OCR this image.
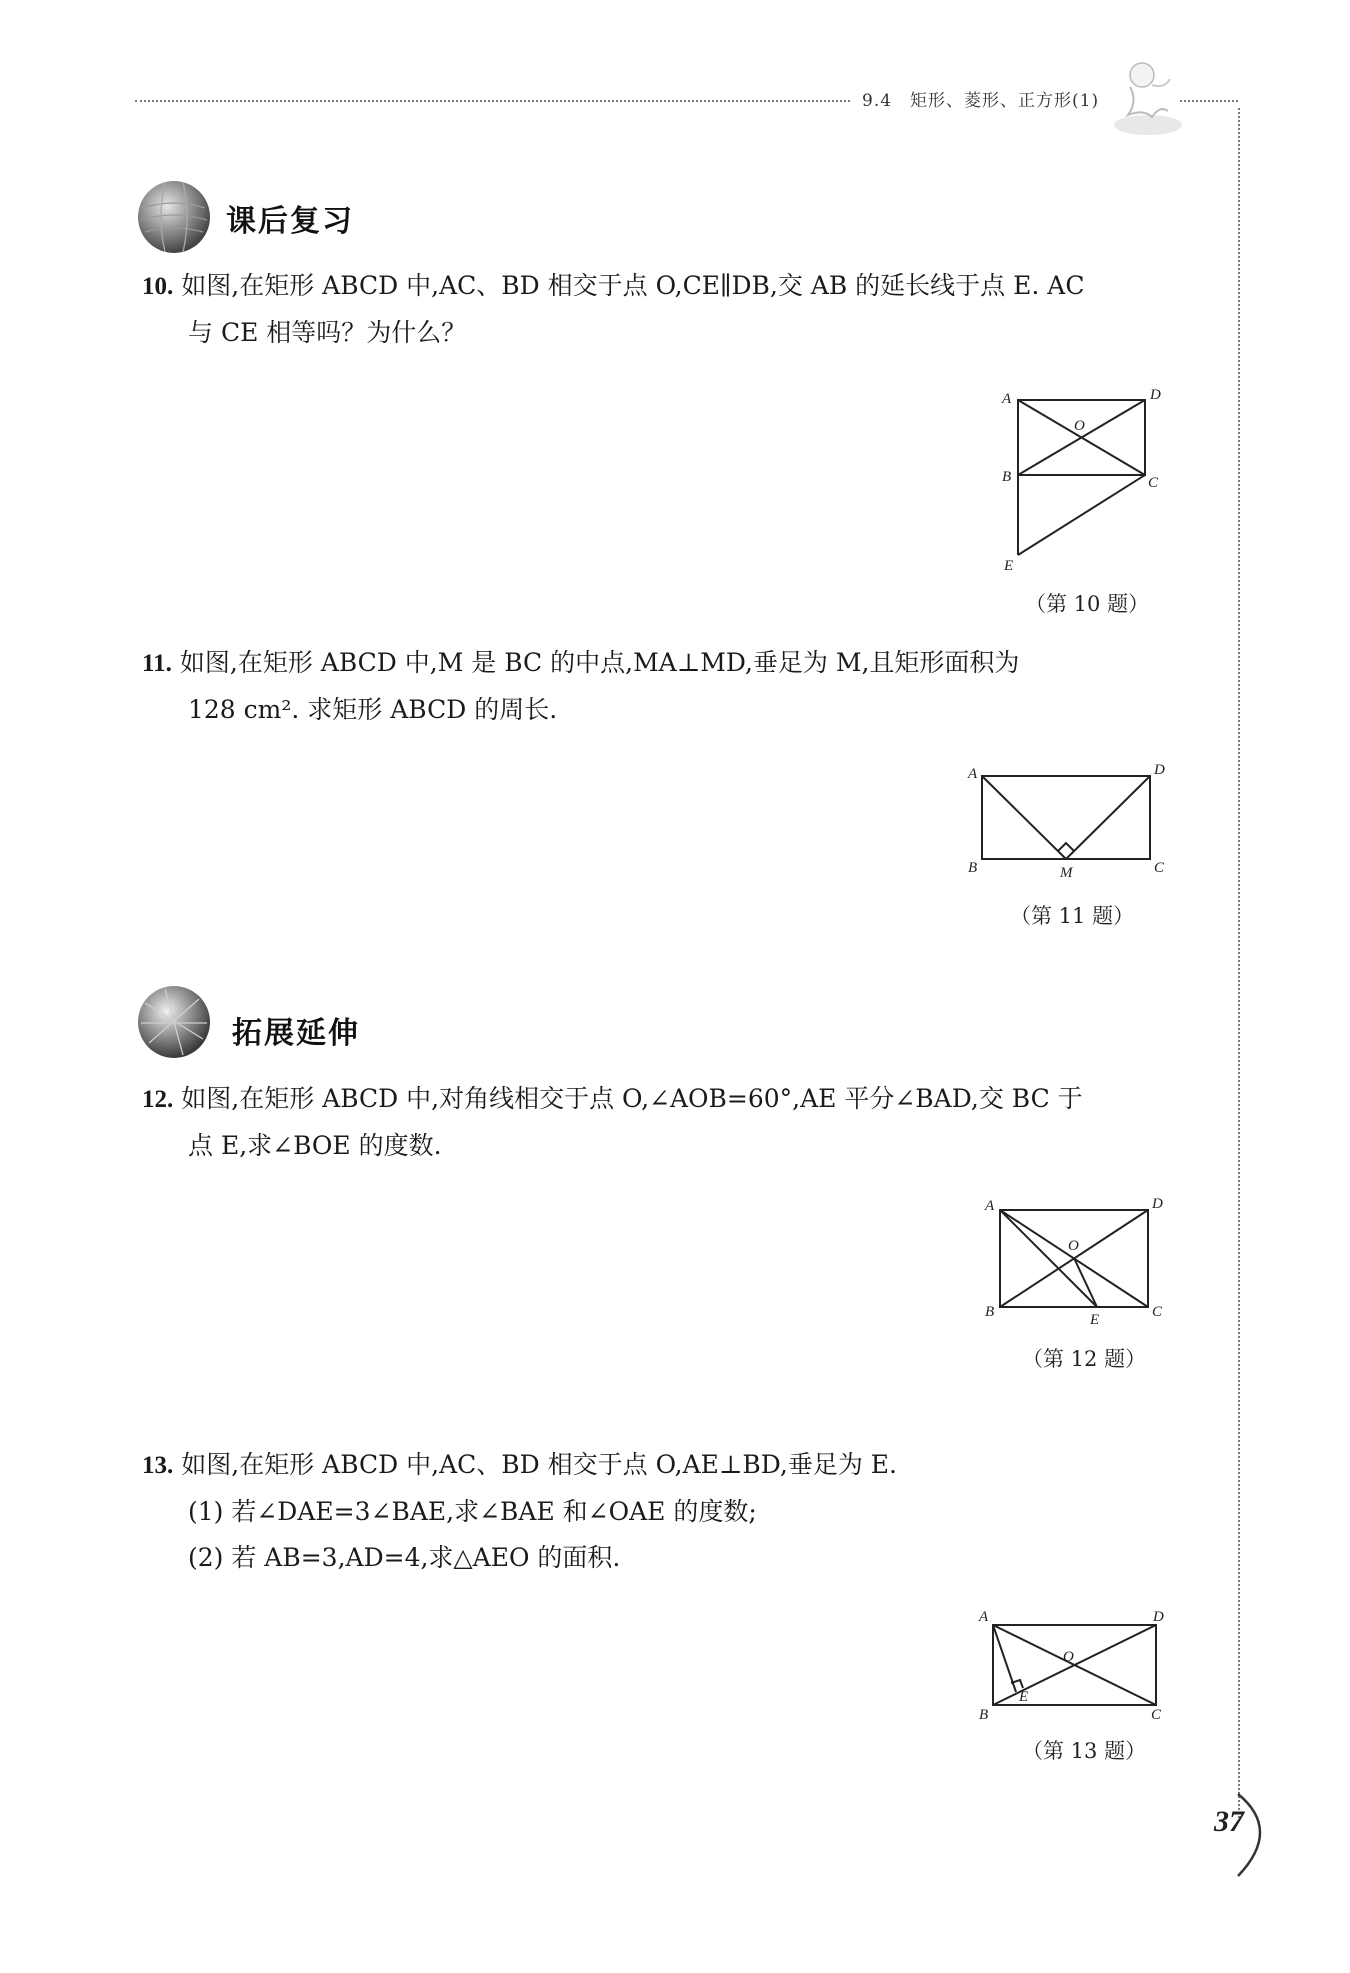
9.4　矩形、菱形、正方形(1)
课后复习
10. 如图,在矩形 ABCD 中,AC、BD 相交于点 O,CE∥DB,交 AB 的延长线于点 E. AC
与 CE 相等吗？为什么？
A	D
O
B	C
E
（第 10 题）
11. 如图,在矩形 ABCD 中,M 是 BC 的中点,MA⊥MD,垂足为 M,且矩形面积为
128 cm². 求矩形 ABCD 的周长.
A	D
B	M	C
（第 11 题）
拓展延伸
12. 如图,在矩形 ABCD 中,对角线相交于点 O,∠AOB=60°,AE 平分∠BAD,交 BC 于
点 E,求∠BOE 的度数.
A	D
O
B	E	C
（第 12 题）
13. 如图,在矩形 ABCD 中,AC、BD 相交于点 O,AE⊥BD,垂足为 E.
(1) 若∠DAE=3∠BAE,求∠BAE 和∠OAE 的度数;
(2) 若 AB=3,AD=4,求△AEO 的面积.
A	D
O
E
B	C
（第 13 题）
37
